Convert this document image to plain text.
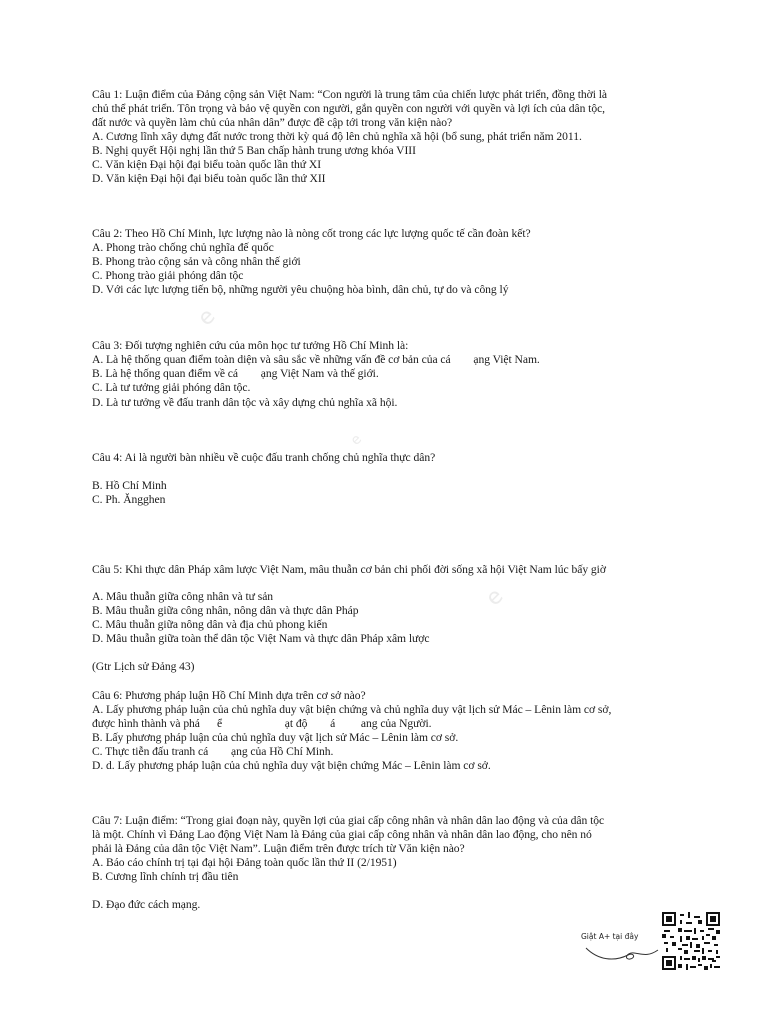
e
e
e

Câu 1: Luận điểm của Đảng cộng sản Việt Nam: “Con người là trung tâm của chiến lược phát triển, đồng thời là

chủ thể phát triển. Tôn trọng và bảo vệ quyền con người, gắn quyền con người với quyền và lợi ích của dân tộc,

đất nước và quyền làm chủ của nhân dân” được đề cập tới trong văn kiện nào?

A. Cương lĩnh xây dựng đất nước trong thời kỳ quá độ lên chủ nghĩa xã hội (bổ sung, phát triển năm 2011.

B. Nghị quyết Hội nghị lần thứ 5 Ban chấp hành trung ương khóa VIII

C. Văn kiện Đại hội đại biểu toàn quốc lần thứ XI

D. Văn kiện Đại hội đại biểu toàn quốc lần thứ XII

Câu 2: Theo Hồ Chí Minh, lực lượng nào là nòng cốt trong các lực lượng quốc tế cần đoàn kết?

A. Phong trào chống chủ nghĩa đế quốc

B. Phong trào cộng sản và công nhân thế giới

C. Phong trào giải phóng dân tộc

D. Với các lực lượng tiến bộ, những người yêu chuộng hòa bình, dân chủ, tự do và công lý

Câu 3: Đối tượng nghiên cứu của môn học tư tưởng Hồ Chí Minh là:

A. Là hệ thống quan điểm toàn diện và sâu sắc về những vấn đề cơ bản của cá        ạng Việt Nam.

B. Là hệ thống quan điểm về cá        ạng Việt Nam và thế giới.

C. Là tư tưởng giải phóng dân tộc.

D. Là tư tưởng về đấu tranh dân tộc và xây dựng chủ nghĩa xã hội.

Câu 4: Ai là người bàn nhiều về cuộc đấu tranh chống chủ nghĩa thực dân?

B. Hồ Chí Minh

C. Ph. Ăngghen

Câu 5: Khi thực dân Pháp xâm lược Việt Nam, mâu thuẫn cơ bản chi phối đời sống xã hội Việt Nam lúc bấy giờ

A. Mâu thuẫn giữa công nhân và tư sản

B. Mâu thuẫn giữa công nhân, nông dân và thực dân Pháp

C. Mâu thuẫn giữa nông dân và địa chủ phong kiến

D. Mâu thuẫn giữa toàn thể dân tộc Việt Nam và thực dân Pháp xâm lược

(Gtr Lịch sử Đảng 43)

Câu 6: Phương pháp luận Hồ Chí Minh dựa trên cơ sở nào?

A. Lấy phương pháp luận của chủ nghĩa duy vật biện chứng và chủ nghĩa duy vật lịch sử Mác – Lênin làm cơ sở,

được hình thành và phá      ể                      ạt độ        á         ang của Người.

B. Lấy phương pháp luận của chủ nghĩa duy vật lịch sử Mác – Lênin làm cơ sở.

C. Thực tiễn đấu tranh cá        ạng của Hồ Chí Minh.

D. d. Lấy phương pháp luận của chủ nghĩa duy vật biện chứng Mác – Lênin làm cơ sở.

Câu 7: Luận điểm: “Trong giai đoạn này, quyền lợi của giai cấp công nhân và nhân dân lao động và của dân tộc

là một. Chính vì Đảng Lao động Việt Nam là Đảng của giai cấp công nhân và nhân dân lao động, cho nên nó

phải là Đảng của dân tộc Việt Nam”. Luận điểm trên được trích từ Văn kiện nào?

A. Báo cáo chính trị tại đại hội Đảng toàn quốc lần thứ II (2/1951)

B. Cương lĩnh chính trị đầu tiên

D. Đạo đức cách mạng.

Giật A+ tại đây
